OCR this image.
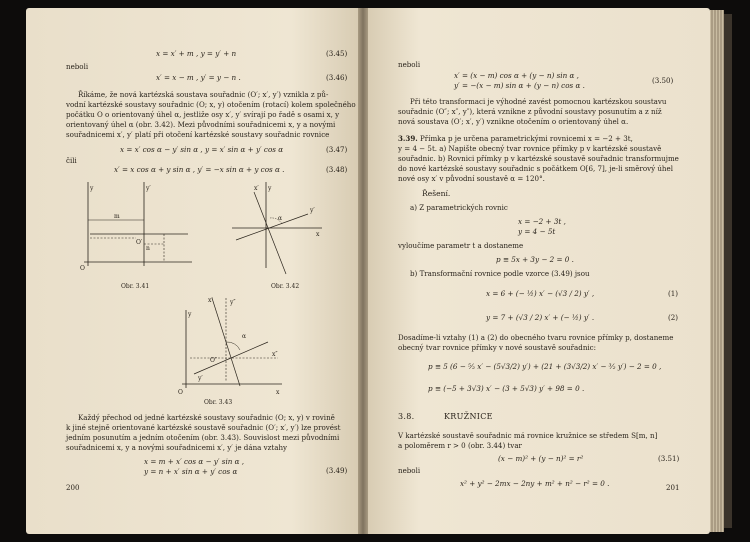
x = x′ + m , y = y′ + n	(3.45)
neboli
x′ = x − m , y′ = y − n .	(3.46)
Říkáme, že nová kartézská soustava souřadnic (O′; x′, y′) vznikla z pů-
vodní kartézské soustavy souřadnic (O; x, y) otočením (rotací) kolem společného
počátku O o orientovaný úhel α, jestliže osy x′, y′ svírají po řadě s osami x, y
orientovaný úhel α (obr. 3.42). Mezi původními souřadnicemi x, y a novými
souřadnicemi x′, y′ platí při otočení kartézské soustavy souřadnic rovnice
x = x′ cos α − y′ sin α , y = x′ sin α + y′ cos α	(3.47)
čili
x′ = x cos α + y sin α , y′ = −x sin α + y cos α .	(3.48)
y	y′
m
n
O′
O
Obr. 3.41
y
x′
y′
α
x
Obr. 3.42
x′	y″
α
O″
x″
y′
y
x
O
Obr. 3.43
Každý přechod od jedné kartézské soustavy souřadnic (O; x, y) v rovině
k jiné stejně orientované kartézské soustavě souřadnic (O′; x′, y′) lze provést
jedním posunutím a jedním otočením (obr. 3.43). Souvislost mezi původními
souřadnicemi x, y a novými souřadnicemi x′, y′ je dána vztahy
x = m + x′ cos α − y′ sin α ,
y = n + x′ sin α + y′ cos α	(3.49)
200
neboli
x′ = (x − m) cos α + (y − n) sin α ,
y′ = −(x − m) sin α + (y − n) cos α .
(3.50)
Při této transformaci je výhodné zavést pomocnou kartézskou soustavu
souřadnic (O″; x″, y″), která vznikne z původní soustavy posunutím a z níž
nová soustava (O′; x′, y′) vznikne otočením o orientovaný úhel α.
3.39. Přímka p je určena parametrickými rovnicemi x = −2 + 3t,
y = 4 − 5t. a) Napište obecný tvar rovnice přímky p v kartézské soustavě
souřadnic. b) Rovnici přímky p v kartézské soustavě souřadnic transformujme
do nové kartézské soustavy souřadnic s počátkem O[6, 7], je-li směrový úhel
nové osy x′ v původní soustavě α = 120°.
Řešení.
a) Z parametrických rovnic
x = −2 + 3t ,
y = 4 − 5t
vyloučíme parametr t a dostaneme
p ≡ 5x + 3y − 2 = 0 .
b) Transformační rovnice podle vzorce (3.49) jsou
x = 6 + (− ½) x′ − (√3 / 2) y′ ,	(1)
y = 7 + (√3 / 2) x′ + (− ½) y′ .	(2)
Dosadíme-li vztahy (1) a (2) do obecného tvaru rovnice přímky p, dostaneme
obecný tvar rovnice přímky v nové soustavě souřadnic:
p ≡ 5 (6 − ⁵⁄₂ x′ − (5√3/2) y′) + (21 + (3√3/2) x′ − ³⁄₂ y′) − 2 = 0 ,
p ≡ (−5 + 3√3) x′ − (3 + 5√3) y′ + 98 = 0 .
3.8.	KRUŽNICE
V kartézské soustavě souřadnic má rovnice kružnice se středem S[m, n]
a poloměrem r > 0 (obr. 3.44) tvar
(x − m)² + (y − n)² = r²	(3.51)
neboli
x² + y² − 2mx − 2ny + m² + n² − r² = 0 .	201
